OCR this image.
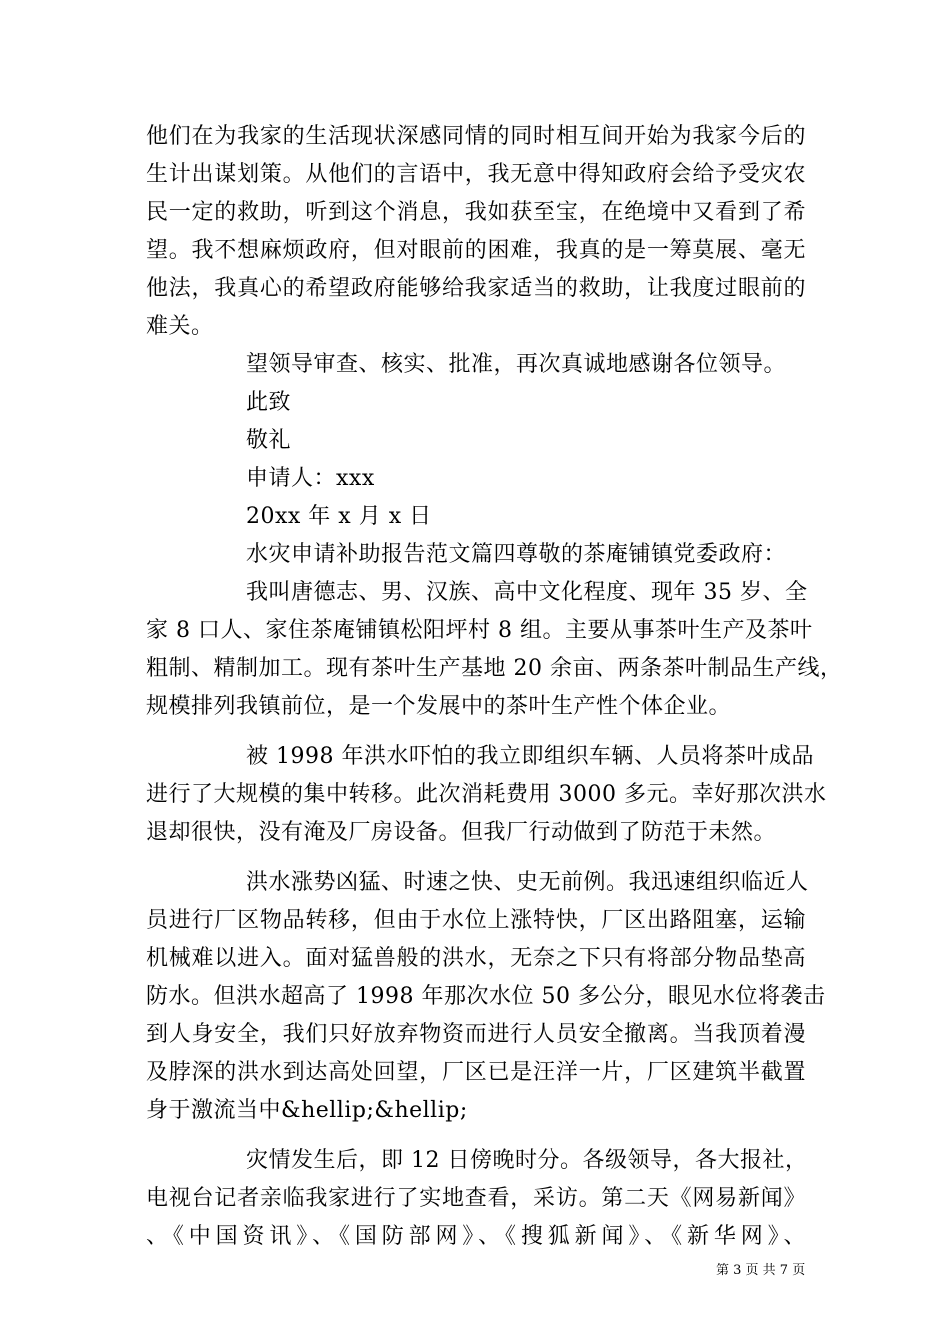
他们在为我家的生活现状深感同情的同时相互间开始为我家今后的
生计出谋划策。从他们的言语中，我无意中得知政府会给予受灾农
民一定的救助，听到这个消息，我如获至宝，在绝境中又看到了希
望。我不想麻烦政府，但对眼前的困难，我真的是一筹莫展、毫无
他法，我真心的希望政府能够给我家适当的救助，让我度过眼前的
难关。
望领导审查、核实、批准，再次真诚地感谢各位领导。
此致
敬礼
申请人：xxx
20xx 年 x 月 x 日
水灾申请补助报告范文篇四尊敬的茶庵铺镇党委政府：
我叫唐德志、男、汉族、高中文化程度、现年 35 岁、全
家 8 口人、家住茶庵铺镇松阳坪村 8 组。主要从事茶叶生产及茶叶
粗制、精制加工。现有茶叶生产基地 20 余亩、两条茶叶制品生产线，
规模排列我镇前位，是一个发展中的茶叶生产性个体企业。
被 1998 年洪水吓怕的我立即组织车辆、人员将茶叶成品
进行了大规模的集中转移。此次消耗费用 3000 多元。幸好那次洪水
退却很快，没有淹及厂房设备。但我厂行动做到了防范于未然。
洪水涨势凶猛、时速之快、史无前例。我迅速组织临近人
员进行厂区物品转移，但由于水位上涨特快，厂区出路阻塞，运输
机械难以进入。面对猛兽般的洪水，无奈之下只有将部分物品垫高
防水。但洪水超高了 1998 年那次水位 50 多公分，眼见水位将袭击
到人身安全，我们只好放弃物资而进行人员安全撤离。当我顶着漫
及脖深的洪水到达高处回望，厂区已是汪洋一片，厂区建筑半截置
身于激流当中&hellip;&hellip;
灾情发生后，即 12 日傍晚时分。各级领导，各大报社，
电视台记者亲临我家进行了实地查看，采访。第二天《网易新闻》
、《中国资讯》、《国防部网》、《搜狐新闻》、《新华网》、
第 3 页 共 7 页
